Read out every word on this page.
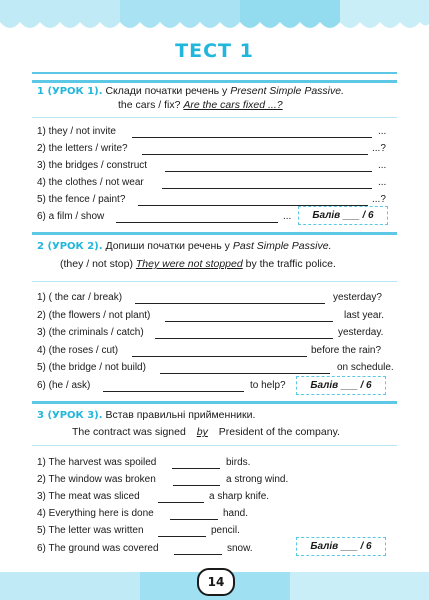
ТЕСТ 1
1 (УРОК 1). Склади початки речень у Present Simple Passive.
the cars / fix? Are the cars fixed ...?
1) they / not invite	...
2) the letters / write?	...?
3) the bridges / construct	...
4) the clothes / not wear	...
5) the fence / paint?	...?
6) a film / show	...	Балів ___ / 6
2 (УРОК 2). Допиши початки речень у Past Simple Passive.
(they / not stop) They were not stopped by the traffic police.
1) ( the car / break)	yesterday?
2) (the flowers / not plant)	last year.
3) (the criminals / catch)	yesterday.
4) (the roses / cut)	before the rain?
5) (the bridge / not build)	on schedule.
6) (he / ask)	to help?	Балів ___ / 6
3 (УРОК 3). Встав правильні прийменники.
The contract was signed by President of the company.
1) The harvest was spoiled	birds.
2) The window was broken	a strong wind.
3) The meat was sliced	a sharp knife.
4) Everything here is done	hand.
5) The letter was written	pencil.
6) The ground was covered	snow.	Балів ___ / 6
14
